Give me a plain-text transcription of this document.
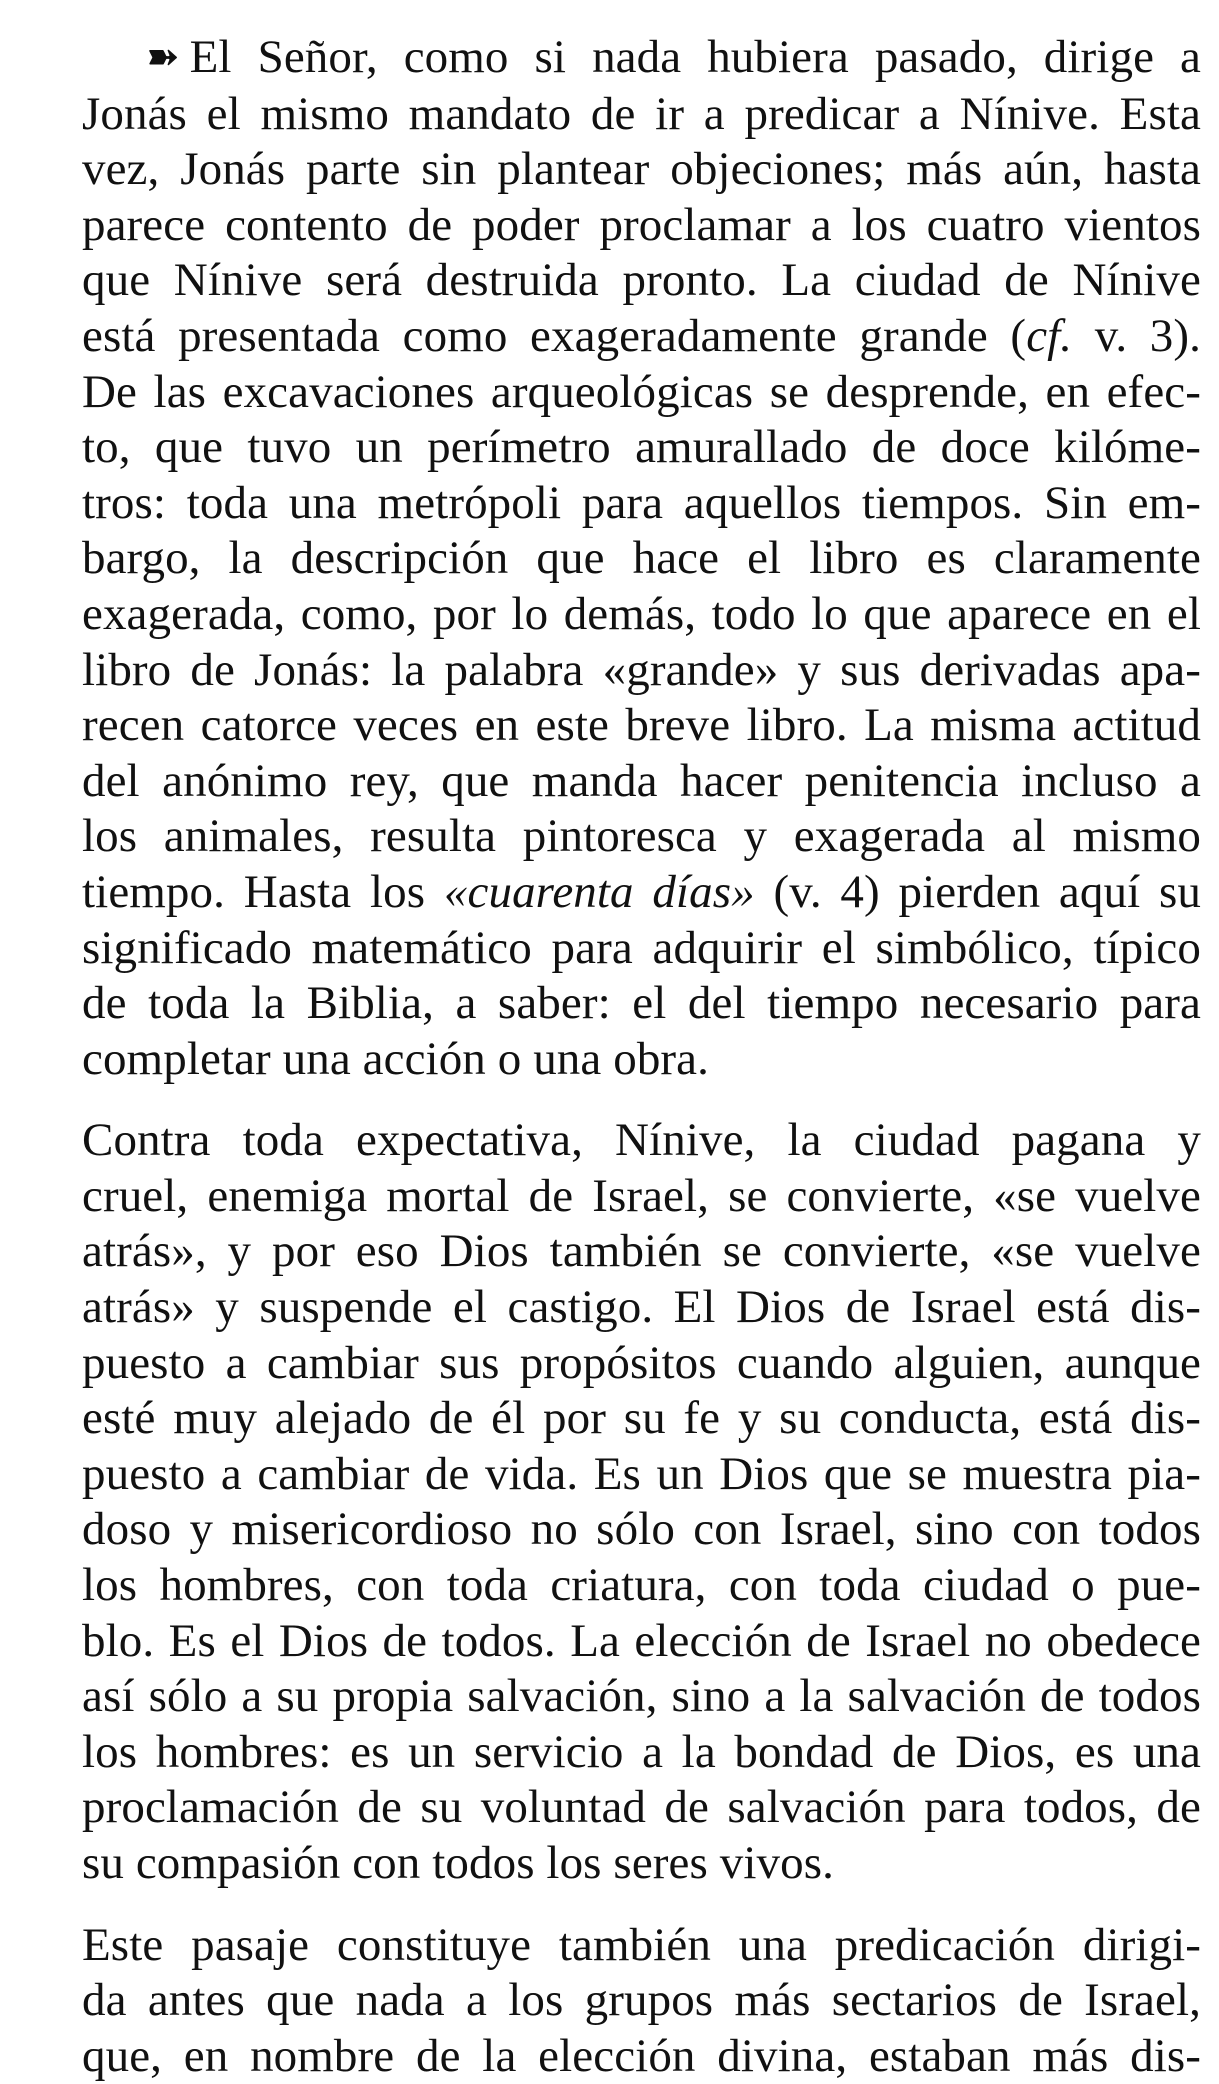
➽ El Señor, como si nada hubiera pasado, dirige a
Jonás el mismo mandato de ir a predicar a Nínive. Esta
vez, Jonás parte sin plantear objeciones; más aún, hasta
parece contento de poder proclamar a los cuatro vientos
que Nínive será destruida pronto. La ciudad de Nínive
está presentada como exageradamente grande (cf. v. 3).
De las excavaciones arqueológicas se desprende, en efec-
to, que tuvo un perímetro amurallado de doce kilóme-
tros: toda una metrópoli para aquellos tiempos. Sin em-
bargo, la descripción que hace el libro es claramente
exagerada, como, por lo demás, todo lo que aparece en el
libro de Jonás: la palabra «grande» y sus derivadas apa-
recen catorce veces en este breve libro. La misma actitud
del anónimo rey, que manda hacer penitencia incluso a
los animales, resulta pintoresca y exagerada al mismo
tiempo. Hasta los «cuarenta días» (v. 4) pierden aquí su
significado matemático para adquirir el simbólico, típico
de toda la Biblia, a saber: el del tiempo necesario para
completar una acción o una obra.
Contra toda expectativa, Nínive, la ciudad pagana y
cruel, enemiga mortal de Israel, se convierte, «se vuelve
atrás», y por eso Dios también se convierte, «se vuelve
atrás» y suspende el castigo. El Dios de Israel está dis-
puesto a cambiar sus propósitos cuando alguien, aunque
esté muy alejado de él por su fe y su conducta, está dis-
puesto a cambiar de vida. Es un Dios que se muestra pia-
doso y misericordioso no sólo con Israel, sino con todos
los hombres, con toda criatura, con toda ciudad o pue-
blo. Es el Dios de todos. La elección de Israel no obedece
así sólo a su propia salvación, sino a la salvación de todos
los hombres: es un servicio a la bondad de Dios, es una
proclamación de su voluntad de salvación para todos, de
su compasión con todos los seres vivos.
Este pasaje constituye también una predicación dirigi-
da antes que nada a los grupos más sectarios de Israel,
que, en nombre de la elección divina, estaban más dis-
